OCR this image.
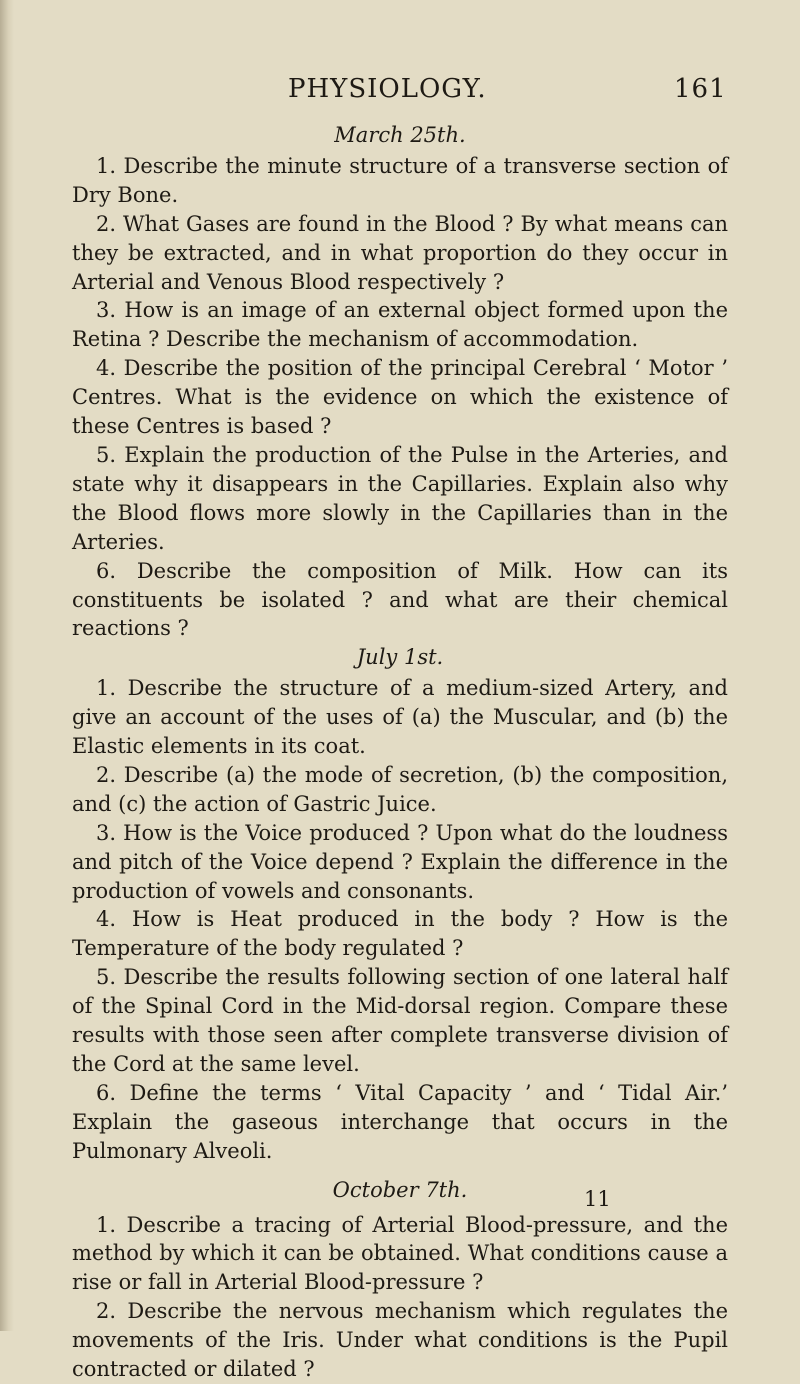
PHYSIOLOGY.	161

March 25th.

1. Describe the minute structure of a transverse section of Dry Bone.

2. What Gases are found in the Blood ? By what means can they be extracted, and in what proportion do they occur in Arterial and Venous Blood respectively ?

3. How is an image of an external object formed upon the Retina ? Describe the mechanism of accommodation.

4. Describe the position of the principal Cerebral ‘ Motor ’ Centres. What is the evidence on which the existence of these Centres is based ?

5. Explain the production of the Pulse in the Arteries, and state why it disappears in the Capillaries. Explain also why the Blood flows more slowly in the Capillaries than in the Arteries.

6. Describe the composition of Milk. How can its constituents be isolated ? and what are their chemical reactions ?

July 1st.

1. Describe the structure of a medium-sized Artery, and give an account of the uses of (a) the Muscular, and (b) the Elastic elements in its coat.

2. Describe (a) the mode of secretion, (b) the composition, and (c) the action of Gastric Juice.

3. How is the Voice produced ? Upon what do the loudness and pitch of the Voice depend ? Explain the difference in the production of vowels and consonants.

4. How is Heat produced in the body ? How is the Temperature of the body regulated ?

5. Describe the results following section of one lateral half of the Spinal Cord in the Mid-dorsal region. Compare these results with those seen after complete transverse division of the Cord at the same level.

6. Define the terms ‘ Vital Capacity ’ and ‘ Tidal Air.’ Explain the gaseous interchange that occurs in the Pulmonary Alveoli.

October 7th.

1. Describe a tracing of Arterial Blood-pressure, and the method by which it can be obtained. What conditions cause a rise or fall in Arterial Blood-pressure ?

2. Describe the nervous mechanism which regulates the movements of the Iris. Under what conditions is the Pupil contracted or dilated ?

11
